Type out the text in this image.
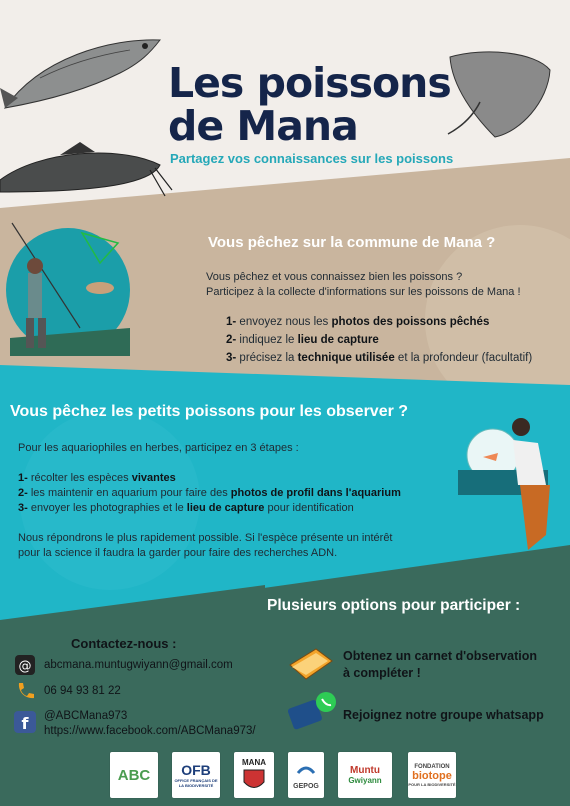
Les poissons
de Mana
Partagez vos connaissances sur les poissons
Vous pêchez sur la commune de Mana ?
Vous pêchez et vous connaissez bien les poissons ?
Participez à la collecte d'informations sur les poissons de Mana !
1- envoyez nous les photos des poissons pêchés
2- indiquez le lieu de capture
3- précisez la technique utilisée et la profondeur (facultatif)
Vous pêchez les petits poissons pour les observer ?
Pour les aquariophiles en herbes, participez en 3 étapes :
1- récolter les espèces vivantes
2- les maintenir en aquarium pour faire des photos de profil dans l'aquarium
3- envoyer les photographies et le lieu de capture pour identification
Nous répondrons le plus rapidement possible. Si l'espèce présente un intérêt
pour la science il faudra la garder pour faire des recherches ADN.
Plusieurs options pour participer :
Contactez-nous :
@ abcmana.muntugwiyann@gmail.com
06 94 93 81 22
f @ABCMana973
https://www.facebook.com/ABCMana973/
Obtenez un carnet d'observation
à compléter !
Rejoignez notre groupe whatsapp
ABC OFB
OFFICE FRANÇAIS DE LA BIODIVERSITÉ
MANA
GEPOG
Muntu
Gwiyann
FONDATION
biotope
POUR LA BIODIVERSITÉ
